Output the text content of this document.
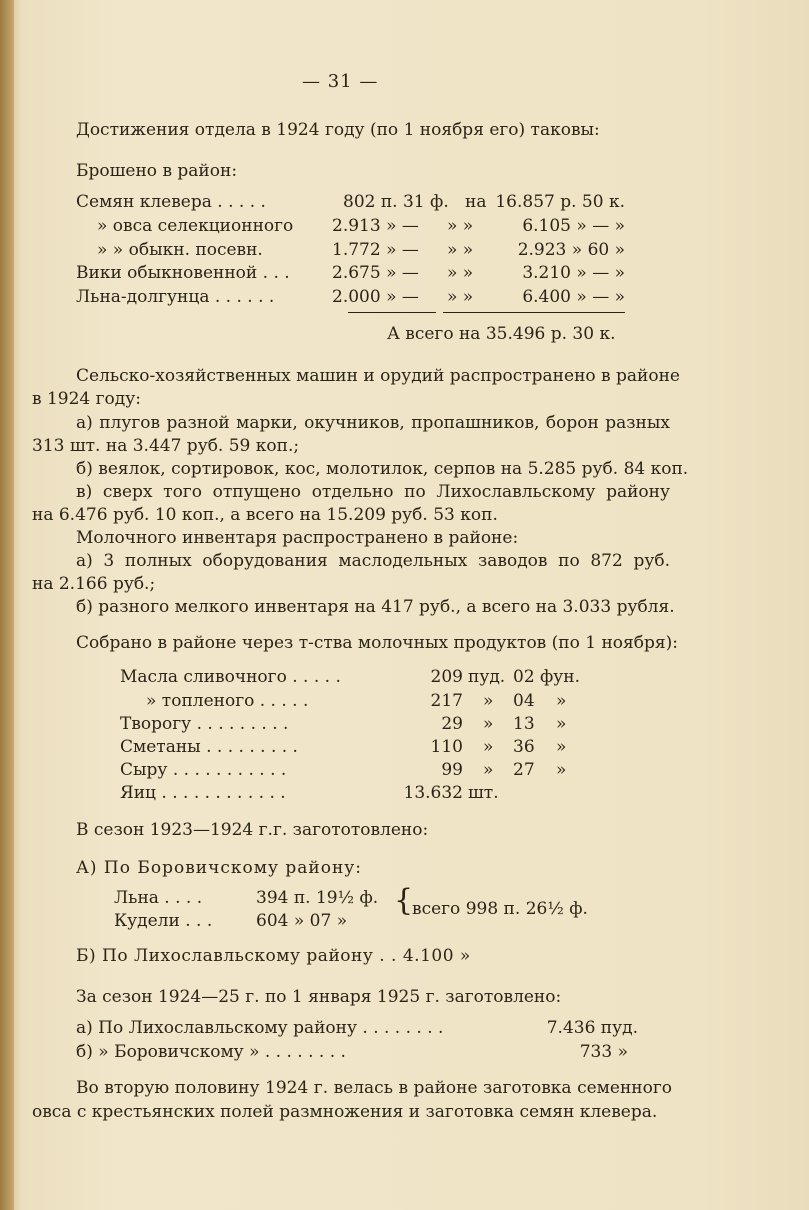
— 31 —
Достижения отдела в 1924 году (по 1 ноября его) таковы:
Брошено в район:
Семян клевера . . . . .	802 п. 31 ф. на 16.857 р. 50 к.
» овса селекционного 2.913 » — » »	6.105 » — »
» » обыкн. посевн.	1.772 » — » »	2.923 » 60 »
Вики обыкновенной . . . 2.675 » — » »	3.210 » — »
Льна-долгунца . . . . . .	2.000 » — » »	6.400 » — »
А всего на 35.496 р. 30 к.
Сельско-хозяйственных машин и орудий распространено в районе
в 1924 году:
а) плугов разной марки, окучников, пропашников, борон разных
313 шт. на 3.447 руб. 59 коп.;
б) веялок, сортировок, кос, молотилок, серпов на 5.285 руб. 84 коп.
в) сверх того отпущено отдельно по Лихославльскому району
на 6.476 руб. 10 коп., а всего на 15.209 руб. 53 коп.
Молочного инвентаря распространено в районе:
а) 3 полных оборудования маслодельных заводов по 872 руб.
на 2.166 руб.;
б) разного мелкого инвентаря на 417 руб., а всего на 3.033 рубля.
Собрано в районе через т-ства молочных продуктов (по 1 ноября):
Масла сливочного . . . . .	209 пуд. 02 фун.
» топленого . . . . .	217 » 04 »
Творогу . . . . . . . . .	29 » 13 »
Сметаны . . . . . . . . .	110 » 36 »
Сыру . . . . . . . . . . .	99 » 27 »
Яиц . . . . . . . . . . . .	13.632 шт.
В сезон 1923—1924 г.г. загототовлено:
А) По Боровичскому району:
Льна . . . .	394 п. 19½ ф.
Кудели . . .	604 » 07 »
{
всего 998 п. 26½ ф.
Б) По Лихославльскому району . . 4.100 »
За сезон 1924—25 г. по 1 января 1925 г. заготовлено:
а) По Лихославльскому району . . . . . . . .	7.436 пуд.
б) » Боровичскому » . . . . . . . .	733 »
Во вторую половину 1924 г. велась в районе заготовка семенного
овса с крестьянских полей размножения и заготовка семян клевера.
